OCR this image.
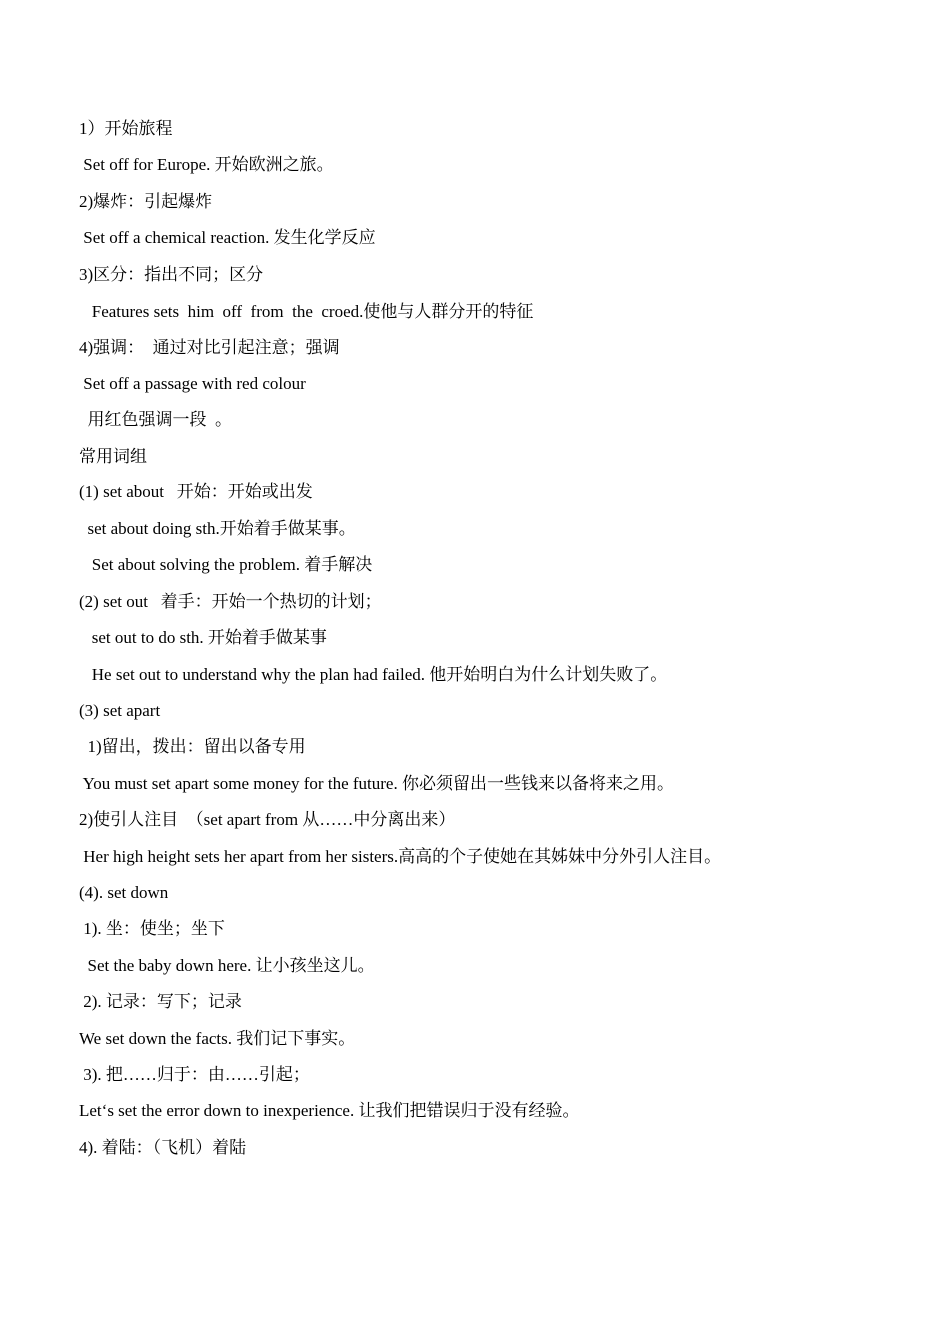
1）开始旅程
Set off for Europe. 开始欧洲之旅。
2)爆炸：引起爆炸
Set off a chemical reaction. 发生化学反应
3)区分：指出不同；区分
Features sets  him  off  from  the  croed.使他与人群分开的特征
4)强调：  通过对比引起注意；强调
Set off a passage with red colour
用红色强调一段  。
常用词组
(1) set about   开始：开始或出发
set about doing sth.开始着手做某事。
Set about solving the problem. 着手解决
(2) set out   着手：开始一个热切的计划；
set out to do sth. 开始着手做某事
He set out to understand why the plan had failed. 他开始明白为什么计划失败了。
(3) set apart
1)留出，拨出：留出以备专用
You must set apart some money for the future. 你必须留出一些钱来以备将来之用。
2)使引人注目  （set apart from 从……中分离出来）
Her high height sets her apart from her sisters.高高的个子使她在其姊妹中分外引人注目。
(4). set down
1). 坐：使坐；坐下
Set the baby down here. 让小孩坐这儿。
2). 记录：写下；记录
We set down the facts. 我们记下事实。
3). 把……归于：由……引起；
Let‘s set the error down to inexperience. 让我们把错误归于没有经验。
4). 着陆：（飞机）着陆
